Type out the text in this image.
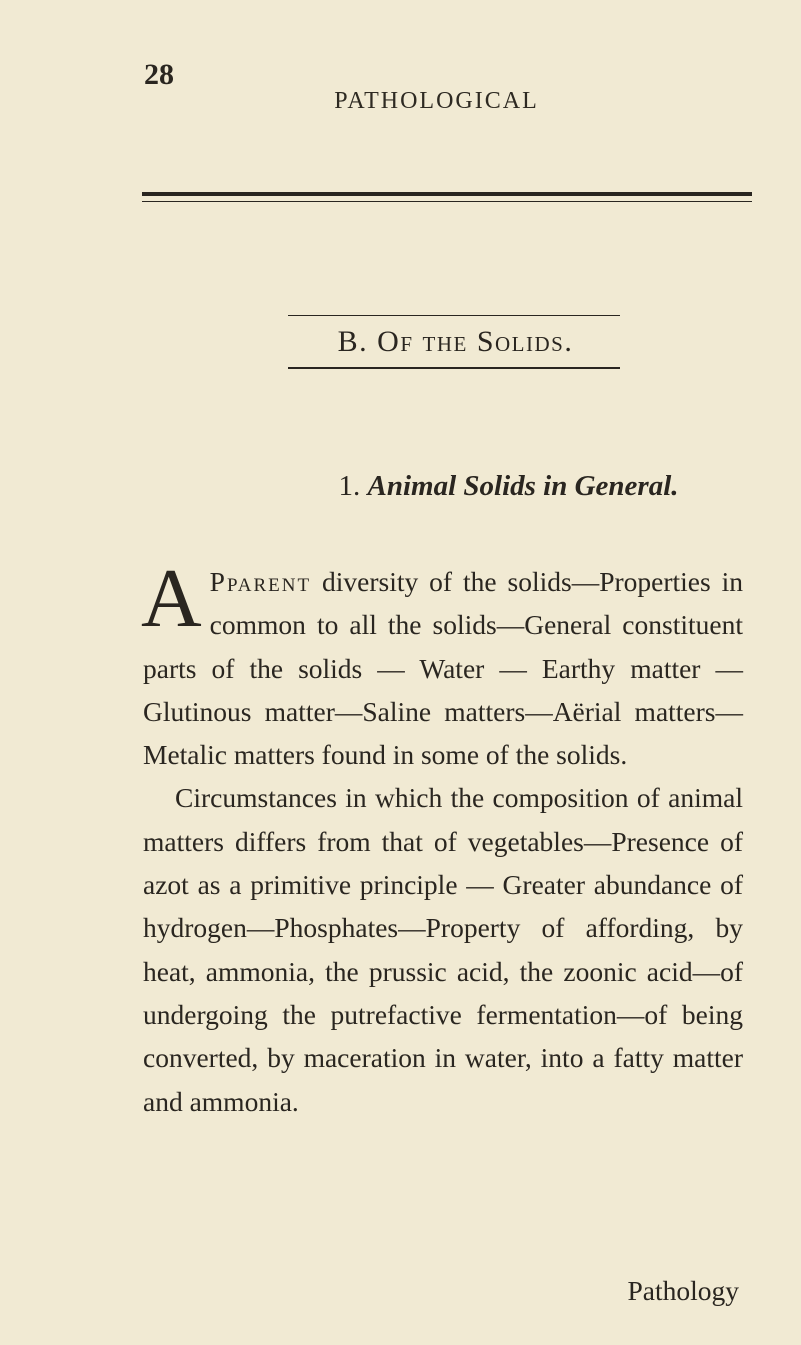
28
PATHOLOGICAL
B. Of the Solids.
1. Animal Solids in General.

A Pparent diversity of the solids—Properties in common to all the solids—General constituent parts of the solids — Water — Earthy matter — Glutinous matter—Saline matters—Aërial matters—Metalic matters found in some of the solids.

Circumstances in which the composition of animal matters differs from that of vegetables—Presence of azot as a primitive principle — Greater abundance of hydrogen—Phosphates—Property of affording, by heat, ammonia, the prussic acid, the zoonic acid—of undergoing the putrefactive fermentation—of being converted, by maceration in water, into a fatty matter and ammonia.

Pathology
